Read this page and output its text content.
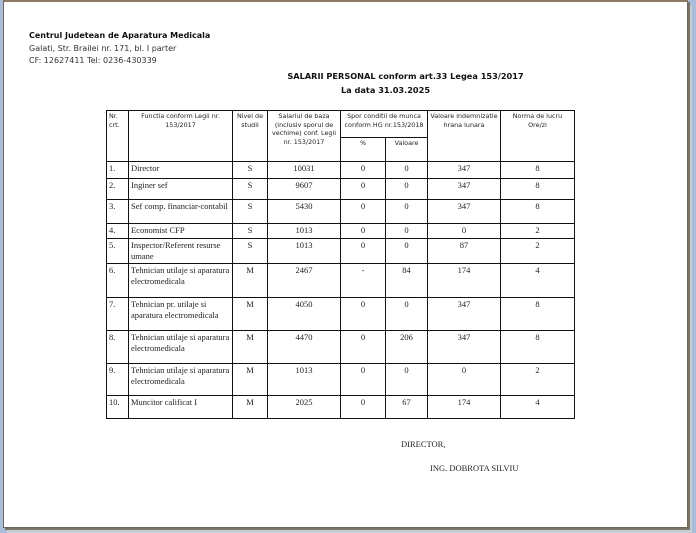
Centrul Judetean de Aparatura Medicala
Galati, Str. Brailei nr. 171, bl. I parter
CF: 12627411 Tel: 0236-430339
SALARII PERSONAL conform art.33 Legea 153/2017
La data 31.03.2025
Nr. crt.	Functia conform Legii nr. 153/2017	Nivel de studii	Salariul de baza (inclusiv sporul de vechime) conf. Legii nr. 153/2017	Spor conditii de munca conform HG nr.153/2018		Valoare indemnizatie hrana lunara	Norma de lucru Ore/zi
				%	Valoare		
1.	Director	S	10031	0	0	347	8
2.	Inginer sef	S	9607	0	0	347	8
3.	Sef comp. financiar-contabil	S	5430	0	0	347	8
4.	Economist CFP	S	1013	0	0	0	2
5.	Inspector/Referent resurse umane	S	1013	0	0	87	2
6.	Tehnician utilaje si aparatura electromedicala	M	2467	-	84	174	4
7.	Tehnician pr. utilaje si aparatura electromedicala	M	4050	0	0	347	8
8.	Tehnician utilaje si aparatura electromedicala	M	4470	0	206	347	8
9.	Tehnician utilaje si aparatura electromedicala	M	1013	0	0	0	2
10.	Muncitor calificat I	M	2025	0	67	174	4
DIRECTOR,
ING. DOBROTA SILVIU
